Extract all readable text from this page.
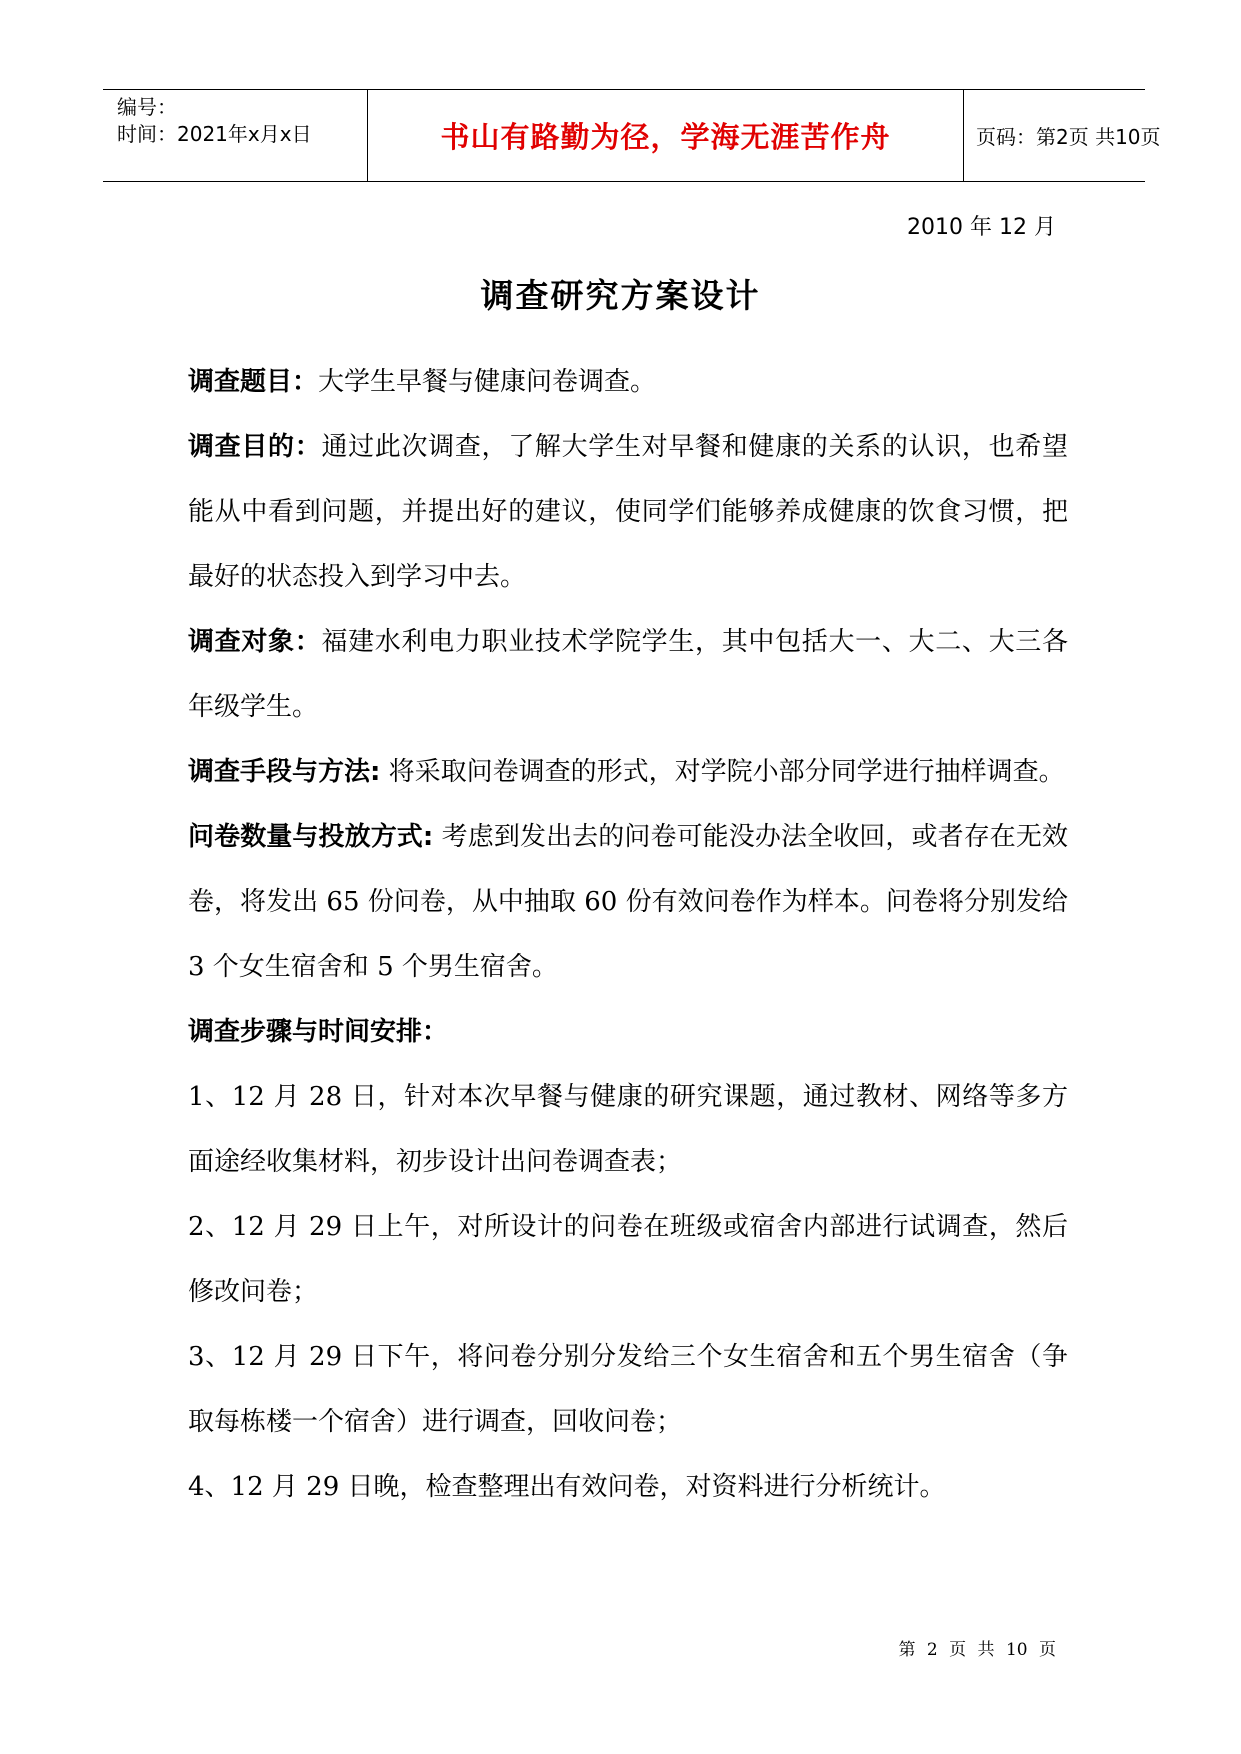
编号：
时间：2021年x月x日	书山有路勤为径，学海无涯苦作舟	页码：第2页 共10页
2010 年 12 月
调查研究方案设计

调查题目：大学生早餐与健康问卷调查。

调查目的：通过此次调查，了解大学生对早餐和健康的关系的认识，也希望能从中看到问题，并提出好的建议，使同学们能够养成健康的饮食习惯，把最好的状态投入到学习中去。

调查对象：福建水利电力职业技术学院学生，其中包括大一、大二、大三各年级学生。

调查手段与方法: 将采取问卷调查的形式，对学院小部分同学进行抽样调查。

问卷数量与投放方式: 考虑到发出去的问卷可能没办法全收回，或者存在无效卷，将发出 65 份问卷，从中抽取 60 份有效问卷作为样本。问卷将分别发给 3 个女生宿舍和 5 个男生宿舍。

调查步骤与时间安排：

1、12 月 28 日，针对本次早餐与健康的研究课题，通过教材、网络等多方面途经收集材料，初步设计出问卷调查表；

2、12 月 29 日上午，对所设计的问卷在班级或宿舍内部进行试调查，然后修改问卷；

3、12 月 29 日下午，将问卷分别分发给三个女生宿舍和五个男生宿舍（争取每栋楼一个宿舍）进行调查，回收问卷；

4、12 月 29 日晚，检查整理出有效问卷，对资料进行分析统计。

第 2 页 共 10 页
